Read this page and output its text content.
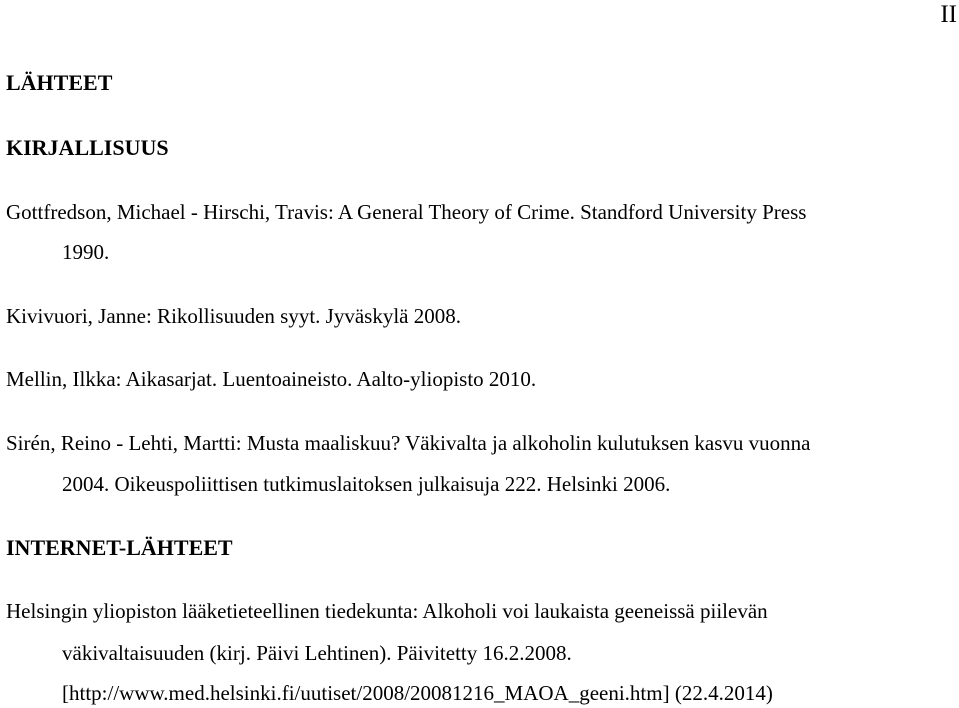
II
LÄHTEET
KIRJALLISUUS
Gottfredson, Michael - Hirschi, Travis: A General Theory of Crime. Standford University Press
1990.
Kivivuori, Janne: Rikollisuuden syyt. Jyväskylä 2008.
Mellin, Ilkka: Aikasarjat. Luentoaineisto. Aalto-yliopisto 2010.
Sirén, Reino - Lehti, Martti: Musta maaliskuu? Väkivalta ja alkoholin kulutuksen kasvu vuonna
2004. Oikeuspoliittisen tutkimuslaitoksen julkaisuja 222. Helsinki 2006.
INTERNET-LÄHTEET
Helsingin yliopiston lääketieteellinen tiedekunta: Alkoholi voi laukaista geeneissä piilevän
väkivaltaisuuden (kirj. Päivi Lehtinen). Päivitetty 16.2.2008.
[http://www.med.helsinki.fi/uutiset/2008/20081216_MAOA_geeni.htm] (22.4.2014)
